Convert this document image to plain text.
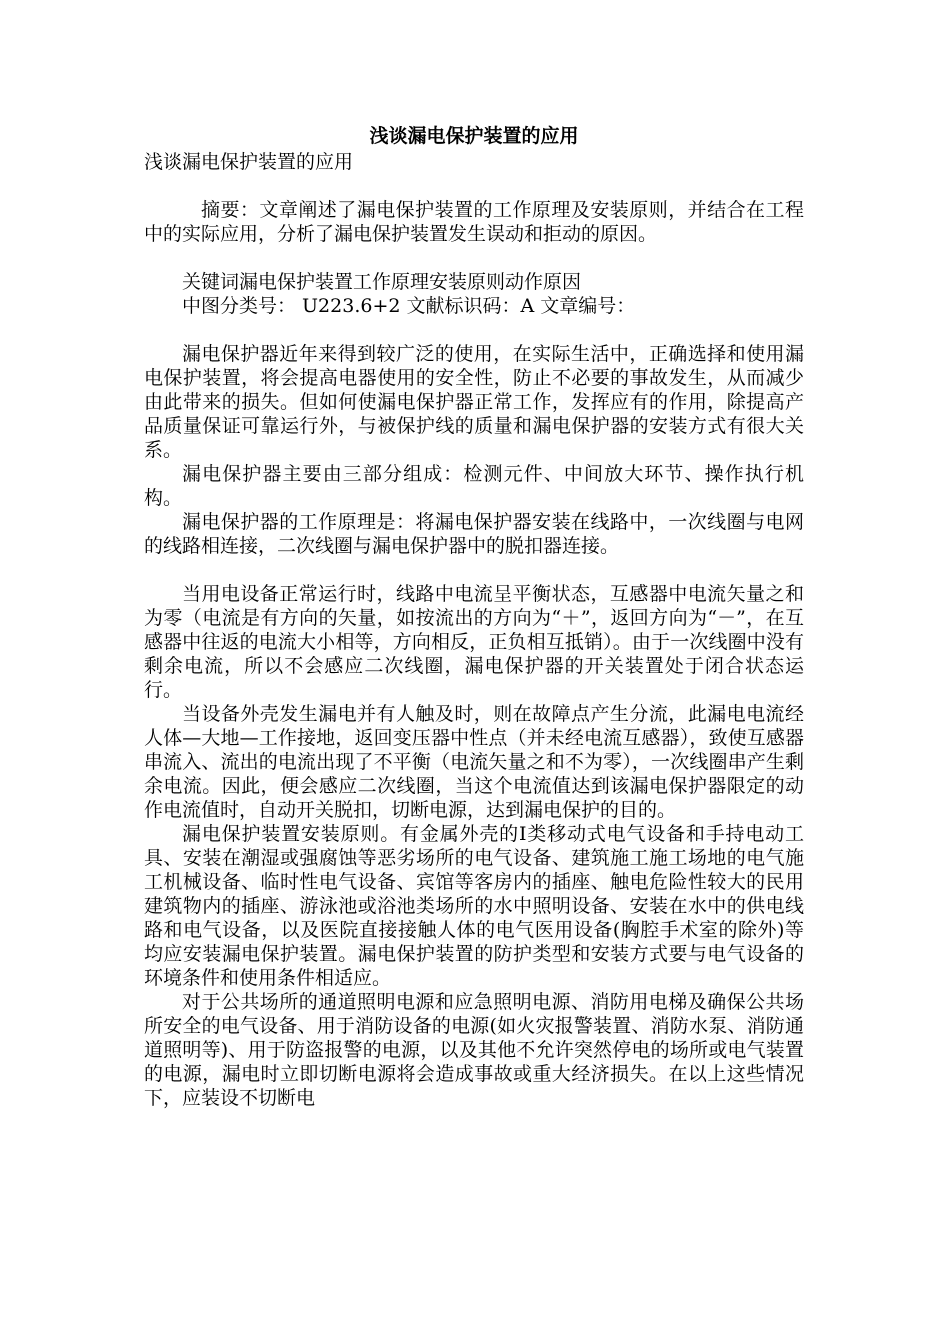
浅谈漏电保护装置的应用

浅谈漏电保护装置的应用

摘要：文章阐述了漏电保护装置的工作原理及安装原则，并结合在工程中的实际应用，分析了漏电保护装置发生误动和拒动的原因。

关键词漏电保护装置工作原理安装原则动作原因

中图分类号： U223.6+2 文献标识码：A 文章编号：

漏电保护器近年来得到较广泛的使用，在实际生活中，正确选择和使用漏电保护装置，将会提高电器使用的安全性，防止不必要的事故发生，从而减少由此带来的损失。但如何使漏电保护器正常工作，发挥应有的作用，除提高产品质量保证可靠运行外，与被保护线的质量和漏电保护器的安装方式有很大关系。

漏电保护器主要由三部分组成：检测元件、中间放大环节、操作执行机构。

漏电保护器的工作原理是：将漏电保护器安装在线路中，一次线圈与电网的线路相连接，二次线圈与漏电保护器中的脱扣器连接。

当用电设备正常运行时，线路中电流呈平衡状态，互感器中电流矢量之和为零（电流是有方向的矢量，如按流出的方向为“＋”，返回方向为“－”，在互感器中往返的电流大小相等，方向相反，正负相互抵销）。由于一次线圈中没有剩余电流，所以不会感应二次线圈，漏电保护器的开关装置处于闭合状态运行。

当设备外壳发生漏电并有人触及时，则在故障点产生分流，此漏电电流经人体—大地—工作接地，返回变压器中性点（并未经电流互感器），致使互感器串流入、流出的电流出现了不平衡（电流矢量之和不为零），一次线圈串产生剩余电流。因此，便会感应二次线圈，当这个电流值达到该漏电保护器限定的动作电流值时，自动开关脱扣，切断电源，达到漏电保护的目的。

漏电保护装置安装原则。有金属外壳的Ⅰ类移动式电气设备和手持电动工具、安装在潮湿或强腐蚀等恶劣场所的电气设备、建筑施工施工场地的电气施工机械设备、临时性电气设备、宾馆等客房内的插座、触电危险性较大的民用建筑物内的插座、游泳池或浴池类场所的水中照明设备、安装在水中的供电线路和电气设备，以及医院直接接触人体的电气医用设备(胸腔手术室的除外)等均应安装漏电保护装置。漏电保护装置的防护类型和安装方式要与电气设备的环境条件和使用条件相适应。

对于公共场所的通道照明电源和应急照明电源、消防用电梯及确保公共场所安全的电气设备、用于消防设备的电源(如火灾报警装置、消防水泵、消防通道照明等)、用于防盗报警的电源，以及其他不允许突然停电的场所或电气装置的电源，漏电时立即切断电源将会造成事故或重大经济损失。在以上这些情况下，应装设不切断电
